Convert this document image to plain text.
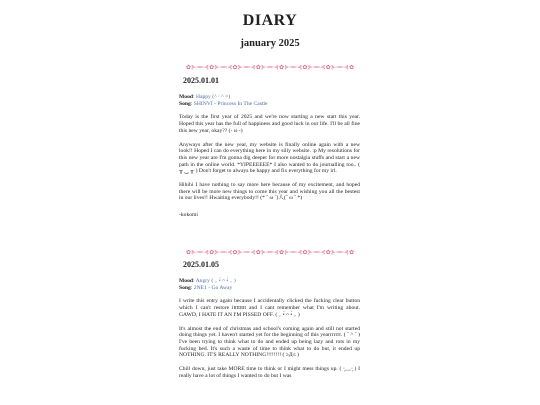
DIARY
january 2025
✿⊱╼╾⊰✿⊱╼╾⊰✿⊱╼╾⊰✿⊱╼╾⊰✿⊱╼╾⊰✿⊱╼╾⊰✿⊱╼╾⊰✿
2025.01.01
Mood: Happy (^ ᵕ ^ =)
Song: SHINVI - Princess In The Castle

Today is the first year of 2025 and we're now starting a new start this year. Hoped this year has the full of happiness and good luck in our life. I'll be all fine this new year, okay?? (- ω -)

Anyways after the new year, my website is finally online again with a new look!! Hoped I can do everything here in my silly website. :p My resolutions for this new year are I'm gonna dig deeper for more nostalgia stuffs and start a new path in the online world. *YIPEEEEEE* I also wanted to do journalling too.. ( ╥ ‿ ╥ ) Don't forget to always be happy and fix everything for my irl.

Hihihi I have nothing to say more here because of my excitement, and hoped there will be more new things to come this year and wishing you all the bestest in our lives!! Hwaiting everybody!! (* ˘ ω ˘)人(˘ ω ˘ *)

-kokomi
✿⊱╼╾⊰✿⊱╼╾⊰✿⊱╼╾⊰✿⊱╼╾⊰✿⊱╼╾⊰✿⊱╼╾⊰✿⊱╼╾⊰✿
2025.01.05
Mood: Angry ( ｡ •̀ ᴖ •́ ｡ )
Song: 2NE1 - Go Away

I write this entry again because I accidentally clicked the fucking clear button which I can't restore itttttttt and I cant remember what I'm writing about. GAWD, I HATE IT AN I'M PISSED OFF. ( ｡ •̀ ᴖ •́ ｡ )

It's almost the end of christmas and school's coming again and still not started doing things yet. I haven't started yet for the beginning of this yearrrrrrr. ( ˘ ^ ˘ ) I've been trying to think what to do and ended up being lazy and rots in my fucking bed. It's such a waste of time to think what to do but, it ended up NOTHING. IT'S REALLY NOTHING!!!!!!!! ( ≥Д≤ )

Chill down, just take MORE time to think or I might mess things up. ( ᵕ̣̣̣̣̣̣﹏ᵕ̣̣̣̣̣̣ ) I really have a lot of things I wanted to do but I was
